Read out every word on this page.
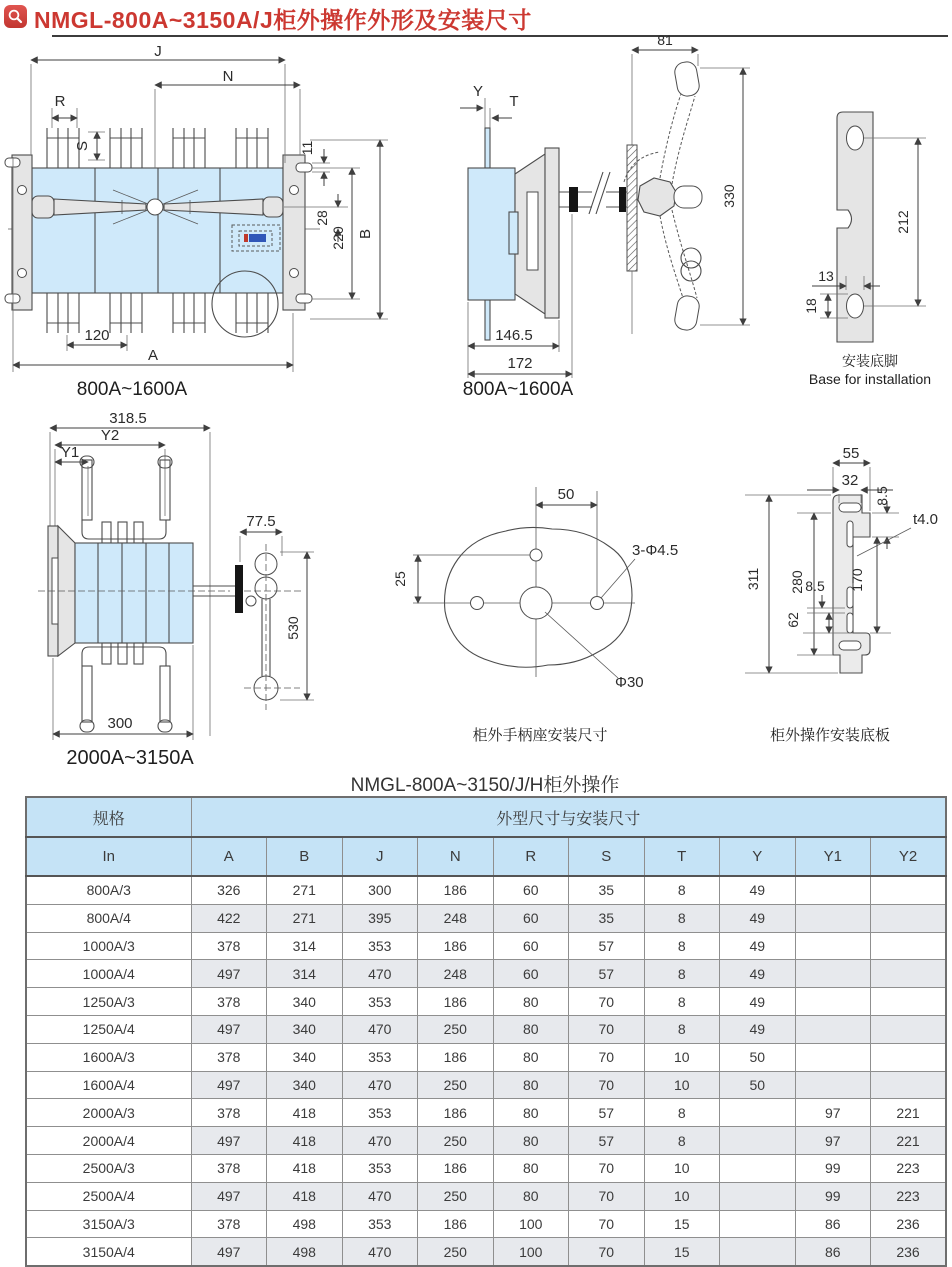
NMGL-800A~3150A/J柜外操作外形及安装尺寸
J
N
R
S	11
28
220 B
120
A
800A~1600A
81
Y
T
330
146.5
172
800A~1600A
212
13
18
安装底脚
Base for installation
318.5
Y2
Y1
77.5
530
300
2000A~3150A
50
25
3-Φ4.5
Φ30
柜外手柄座安装尺寸
55
32
8.5
t4.0
311 280 8.5 170
62
柜外操作安装底板
NMGL-800A~3150/J/H柜外操作
规格	外型尺寸与安装尺寸									
In	A	B	J	N	R	S	T	Y	Y1	Y2
800A/3	326	271	300	186	60	35	8	49		
800A/4	422	271	395	248	60	35	8	49		
1000A/3	378	314	353	186	60	57	8	49		
1000A/4	497	314	470	248	60	57	8	49		
1250A/3	378	340	353	186	80	70	8	49		
1250A/4	497	340	470	250	80	70	8	49		
1600A/3	378	340	353	186	80	70	10	50		
1600A/4	497	340	470	250	80	70	10	50		
2000A/3	378	418	353	186	80	57	8		97	221
2000A/4	497	418	470	250	80	57	8		97	221
2500A/3	378	418	353	186	80	70	10		99	223
2500A/4	497	418	470	250	80	70	10		99	223
3150A/3	378	498	353	186	100	70	15		86	236
3150A/4	497	498	470	250	100	70	15		86	236
